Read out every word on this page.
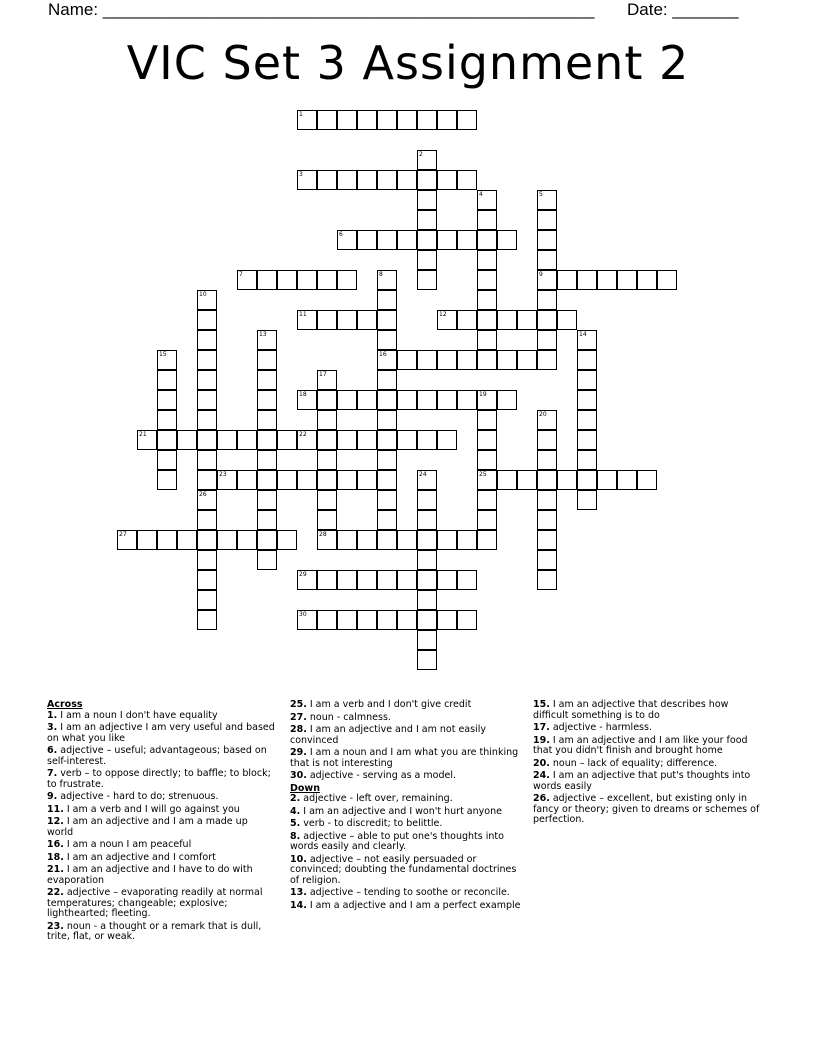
Name: ____________________________________________________ Date: _______
VIC Set 3 Assignment 2
1
2
3
4	5
6
7	8	9
10
11	12
13	14
15	16
17
18	19
20
21	22
23	24	25
26
27	28
29
30
Across
1. I am a noun I don't have equality
3. I am an adjective I am very useful and based on what you like
6. adjective – useful; advantageous; based on self-interest.
7. verb – to oppose directly; to baffle; to block; to frustrate.
9. adjective - hard to do; strenuous.
11. I am a verb and I will go against you
12. I am an adjective and I am a made up world
16. I am a noun I am peaceful
18. I am an adjective and I comfort
21. I am an adjective and I have to do with evaporation
22. adjective – evaporating readily at normal temperatures; changeable; explosive; lighthearted; fleeting.
23. noun - a thought or a remark that is dull, trite, flat, or weak.
25. I am a verb and I don't give credit
27. noun - calmness.
28. I am an adjective and I am not easily convinced
29. I am a noun and I am what you are thinking that is not interesting
30. adjective - serving as a model.
Down
2. adjective - left over, remaining.
4. I am an adjective and I won't hurt anyone
5. verb - to discredit; to belittle.
8. adjective – able to put one's thoughts into words easily and clearly.
10. adjective – not easily persuaded or convinced; doubting the fundamental doctrines of religion.
13. adjective – tending to soothe or reconcile.
14. I am a adjective and I am a perfect example
15. I am an adjective that describes how difficult something is to do
17. adjective - harmless.
19. I am an adjective and I am like your food that you didn't finish and brought home
20. noun – lack of equality; difference.
24. I am an adjective that put's thoughts into words easily
26. adjective – excellent, but existing only in fancy or theory; given to dreams or schemes of perfection.
